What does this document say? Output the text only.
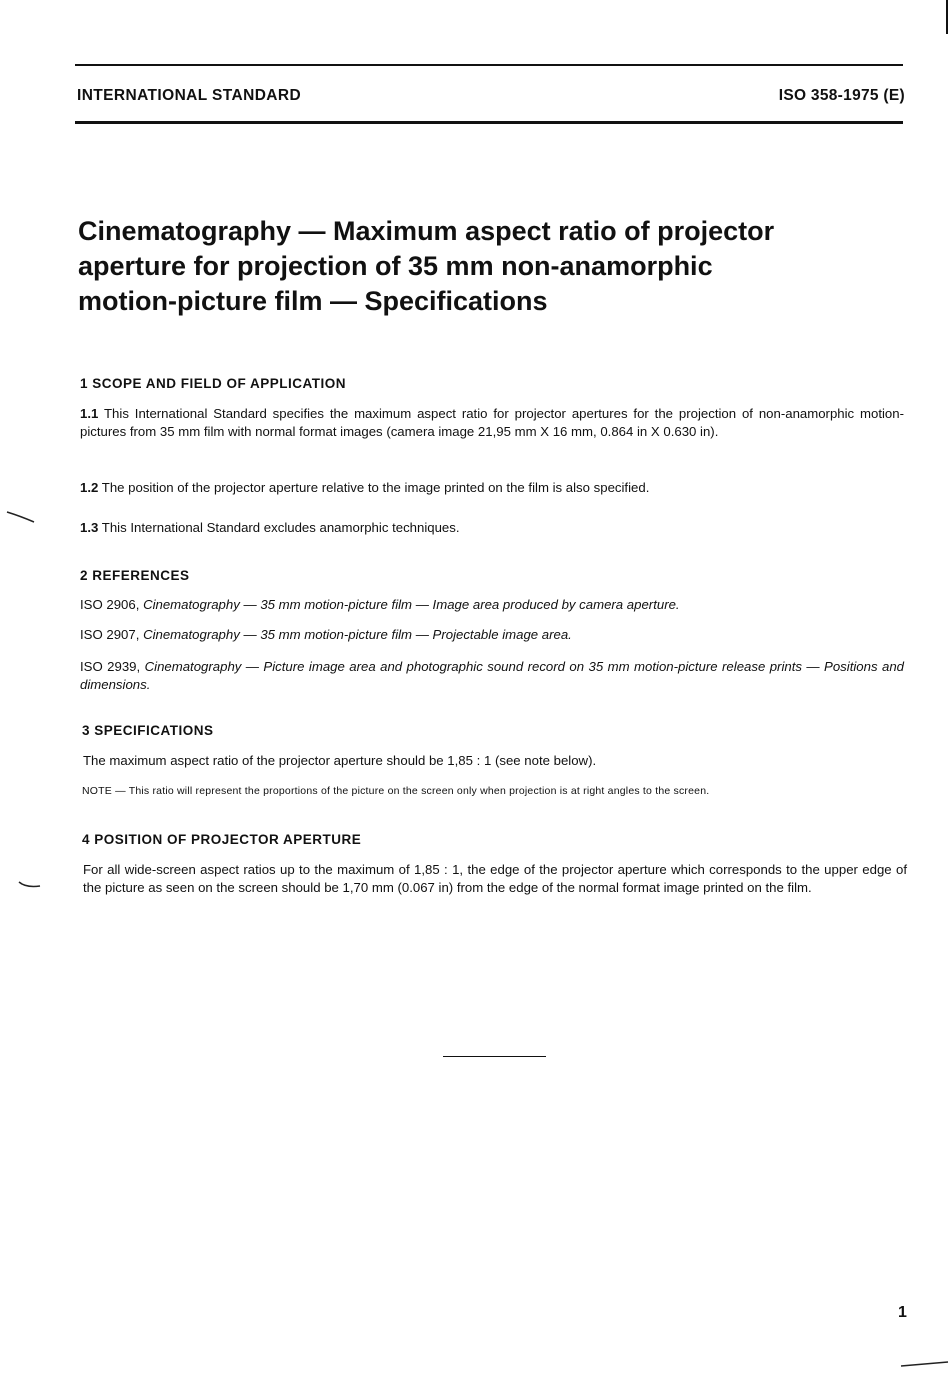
INTERNATIONAL STANDARD	ISO 358-1975 (E)
Cinematography — Maximum aspect ratio of projector
aperture for projection of 35 mm non-anamorphic
motion-picture film — Specifications
1 SCOPE AND FIELD OF APPLICATION

1.1 This International Standard specifies the maximum aspect ratio for projector apertures for the projection of non-anamorphic motion-pictures from 35 mm film with normal format images (camera image 21,95 mm X 16 mm, 0.864 in X 0.630 in).

1.2 The position of the projector aperture relative to the image printed on the film is also specified.

1.3 This International Standard excludes anamorphic techniques.

2 REFERENCES

ISO 2906, Cinematography — 35 mm motion-picture film — Image area produced by camera aperture.

ISO 2907, Cinematography — 35 mm motion-picture film — Projectable image area.

ISO 2939, Cinematography — Picture image area and photographic sound record on 35 mm motion-picture release prints — Positions and dimensions.

3 SPECIFICATIONS

The maximum aspect ratio of the projector aperture should be 1,85 : 1 (see note below).

NOTE — This ratio will represent the proportions of the picture on the screen only when projection is at right angles to the screen.

4 POSITION OF PROJECTOR APERTURE

For all wide-screen aspect ratios up to the maximum of 1,85 : 1, the edge of the projector aperture which corresponds to the upper edge of the picture as seen on the screen should be 1,70 mm (0.067 in) from the edge of the normal format image printed on the film.

1
